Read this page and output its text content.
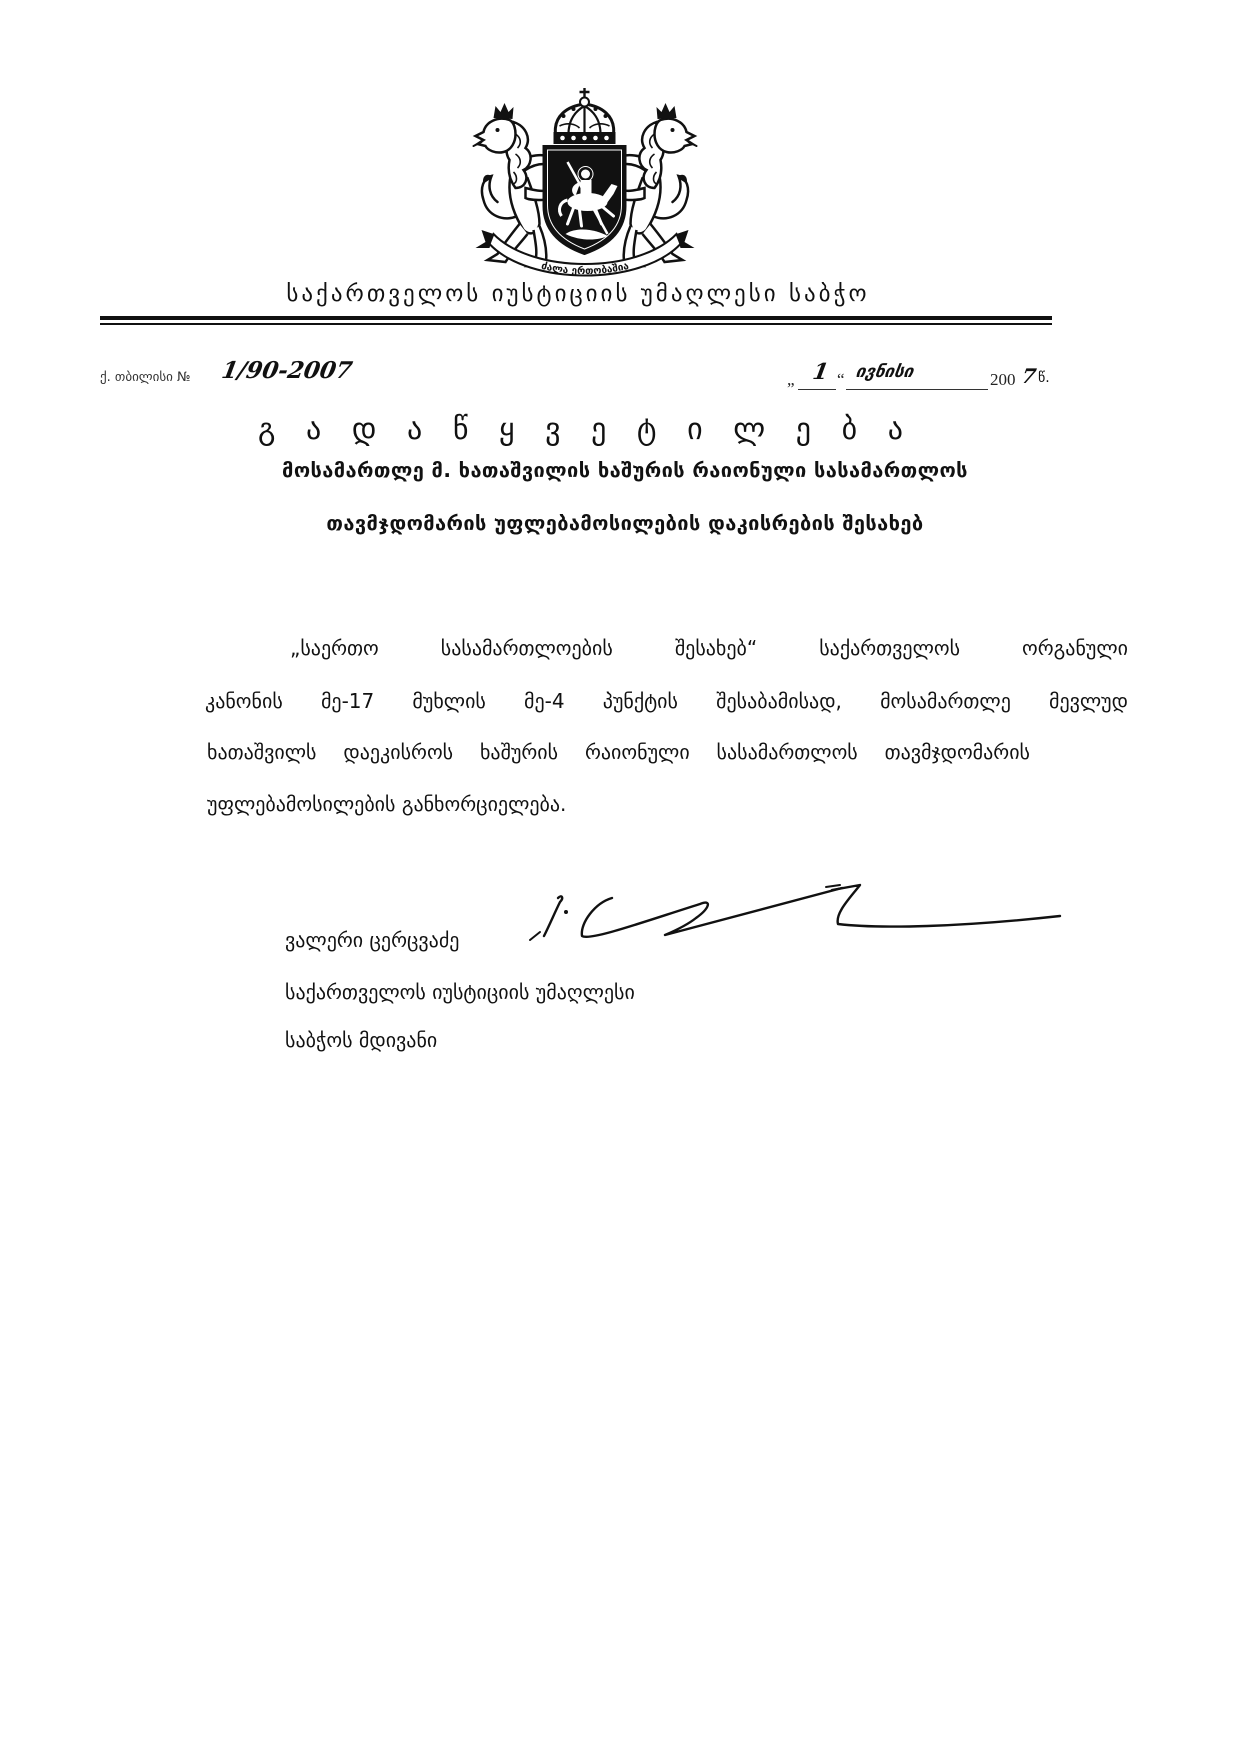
ძალა ერთობაშია
საქართველოს იუსტიციის უმაღლესი საბჭო
ქ. თბილისი № 1/90-2007	„ 1 “ ივნისი	200 7 წ.
გ ა დ ა წ ყ ვ ე ტ ი ლ ე ბ ა
მოსამართლე მ. ხათაშვილის ხაშურის რაიონული სასამართლოს
თავმჯდომარის უფლებამოსილების დაკისრების შესახებ
„საერთო სასამართლოების შესახებ“ საქართველოს ორგანული
კანონის მე-17 მუხლის მე-4 პუნქტის შესაბამისად, მოსამართლე მევლუდ
ხათაშვილს დაეკისროს ხაშურის რაიონული სასამართლოს თავმჯდომარის
უფლებამოსილების განხორციელება.
ვალერი ცერცვაძე
საქართველოს იუსტიციის უმაღლესი
საბჭოს მდივანი
